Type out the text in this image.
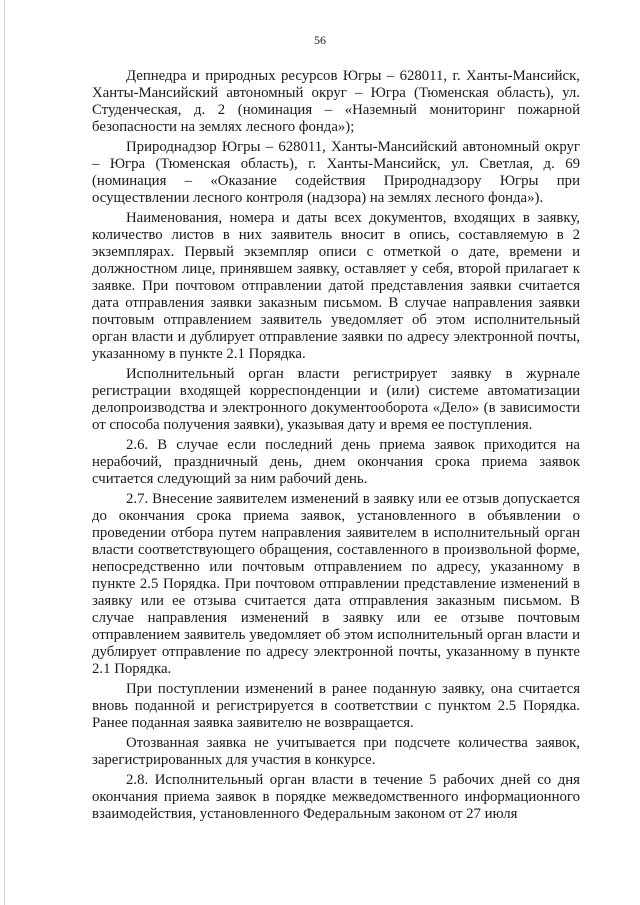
56

Депнедра и природных ресурсов Югры – 628011, г. Ханты-Мансийск, Ханты-Мансийский автономный округ – Югра (Тюменская область), ул. Студенческая, д. 2 (номинация – «Наземный мониторинг пожарной безопасности на землях лесного фонда»);

Природнадзор Югры – 628011, Ханты-Мансийский автономный округ – Югра (Тюменская область), г. Ханты-Мансийск, ул. Светлая, д. 69 (номинация – «Оказание содействия Природнадзору Югры при осуществлении лесного контроля (надзора) на землях лесного фонда»).

Наименования, номера и даты всех документов, входящих в заявку, количество листов в них заявитель вносит в опись, составляемую в 2 экземплярах. Первый экземпляр описи с отметкой о дате, времени и должностном лице, принявшем заявку, оставляет у себя, второй прилагает к заявке. При почтовом отправлении датой представления заявки считается дата отправления заявки заказным письмом. В случае направления заявки почтовым отправлением заявитель уведомляет об этом исполнительный орган власти и дублирует отправление заявки по адресу электронной почты, указанному в пункте 2.1 Порядка.

Исполнительный орган власти регистрирует заявку в журнале регистрации входящей корреспонденции и (или) системе автоматизации делопроизводства и электронного документооборота «Дело» (в зависимости от способа получения заявки), указывая дату и время ее поступления.

2.6. В случае если последний день приема заявок приходится на нерабочий, праздничный день, днем окончания срока приема заявок считается следующий за ним рабочий день.

2.7. Внесение заявителем изменений в заявку или ее отзыв допускается до окончания срока приема заявок, установленного в объявлении о проведении отбора путем направления заявителем в исполнительный орган власти соответствующего обращения, составленного в произвольной форме, непосредственно или почтовым отправлением по адресу, указанному в пункте 2.5 Порядка. При почтовом отправлении представление изменений в заявку или ее отзыва считается дата отправления заказным письмом. В случае направления изменений в заявку или ее отзыве почтовым отправлением заявитель уведомляет об этом исполнительный орган власти и дублирует отправление по адресу электронной почты, указанному в пункте 2.1 Порядка.

При поступлении изменений в ранее поданную заявку, она считается вновь поданной и регистрируется в соответствии с пунктом 2.5 Порядка. Ранее поданная заявка заявителю не возвращается.

Отозванная заявка не учитывается при подсчете количества заявок, зарегистрированных для участия в конкурсе.

2.8. Исполнительный орган власти в течение 5 рабочих дней со дня окончания приема заявок в порядке межведомственного информационного взаимодействия, установленного Федеральным законом от 27 июля
